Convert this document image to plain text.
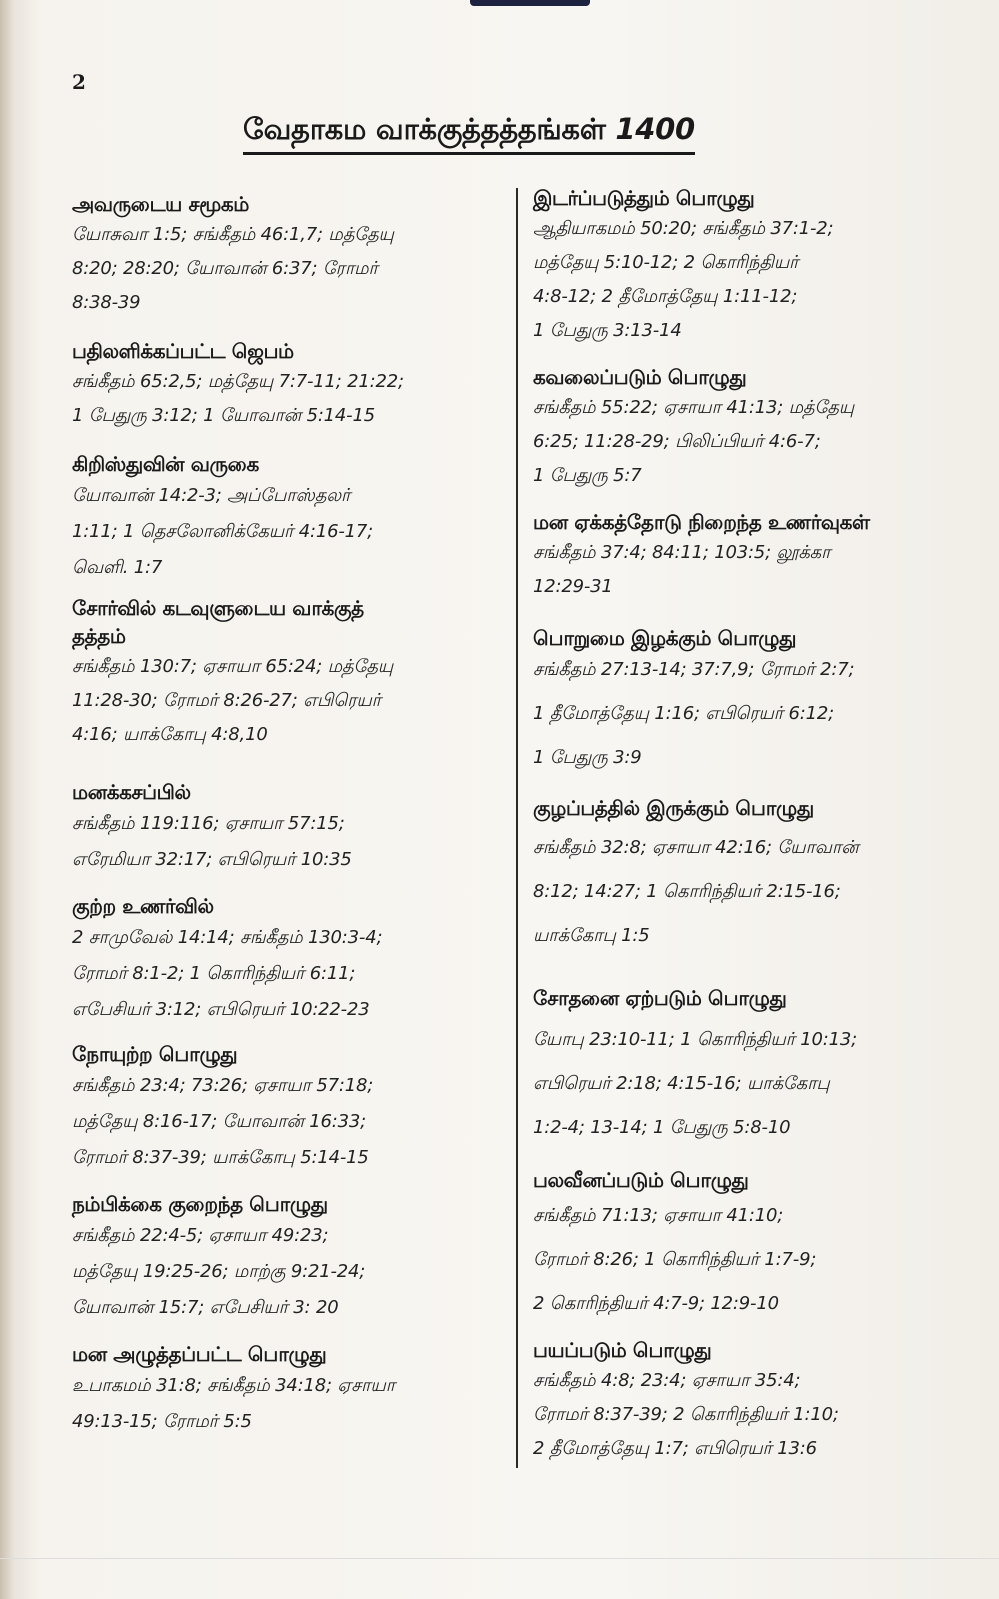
2
வேதாகம வாக்குத்தத்தங்கள் 1400
அவருடைய சமூகம்
யோசுவா 1:5; சங்கீதம் 46:1,7; மத்தேயு
8:20; 28:20; யோவான் 6:37; ரோமர்
8:38-39
பதிலளிக்கப்பட்ட ஜெபம்
சங்கீதம் 65:2,5; மத்தேயு 7:7-11; 21:22;
1 பேதுரு 3:12; 1 யோவான் 5:14-15
கிறிஸ்துவின் வருகை
யோவான் 14:2-3; அப்போஸ்தலர்
1:11; 1 தெசலோனிக்கேயர் 4:16-17;
வெளி. 1:7
சோர்வில் கடவுளுடைய வாக்குத்
தத்தம்
சங்கீதம் 130:7; ஏசாயா 65:24; மத்தேயு
11:28-30; ரோமர் 8:26-27; எபிரெயர்
4:16; யாக்கோபு 4:8,10
மனக்கசப்பில்
சங்கீதம் 119:116; ஏசாயா 57:15;
எரேமியா 32:17; எபிரெயர் 10:35
குற்ற உணர்வில்
2 சாமுவேல் 14:14; சங்கீதம் 130:3-4;
ரோமர் 8:1-2; 1 கொரிந்தியர் 6:11;
எபேசியர் 3:12; எபிரெயர் 10:22-23
நோயுற்ற பொழுது
சங்கீதம் 23:4; 73:26; ஏசாயா 57:18;
மத்தேயு 8:16-17; யோவான் 16:33;
ரோமர் 8:37-39; யாக்கோபு 5:14-15
நம்பிக்கை குறைந்த பொழுது
சங்கீதம் 22:4-5; ஏசாயா 49:23;
மத்தேயு 19:25-26; மாற்கு 9:21-24;
யோவான் 15:7; எபேசியர் 3: 20
மன அழுத்தப்பட்ட பொழுது
உபாகமம் 31:8; சங்கீதம் 34:18; ஏசாயா
49:13-15; ரோமர் 5:5
இடர்ப்படுத்தும் பொழுது
ஆதியாகமம் 50:20; சங்கீதம் 37:1-2;
மத்தேயு 5:10-12; 2 கொரிந்தியர்
4:8-12; 2 தீமோத்தேயு 1:11-12;
1 பேதுரு 3:13-14
கவலைப்படும் பொழுது
சங்கீதம் 55:22; ஏசாயா 41:13; மத்தேயு
6:25; 11:28-29; பிலிப்பியர் 4:6-7;
1 பேதுரு 5:7
மன ஏக்கத்தோடு நிறைந்த உணர்வுகள்
சங்கீதம் 37:4; 84:11; 103:5; லூக்கா
12:29-31
பொறுமை இழக்கும் பொழுது
சங்கீதம் 27:13-14; 37:7,9; ரோமர் 2:7;
1 தீமோத்தேயு 1:16; எபிரெயர் 6:12;
1 பேதுரு 3:9
குழப்பத்தில் இருக்கும் பொழுது
சங்கீதம் 32:8; ஏசாயா 42:16; யோவான்
8:12; 14:27; 1 கொரிந்தியர் 2:15-16;
யாக்கோபு 1:5
சோதனை ஏற்படும் பொழுது
யோபு 23:10-11; 1 கொரிந்தியர் 10:13;
எபிரெயர் 2:18; 4:15-16; யாக்கோபு
1:2-4; 13-14; 1 பேதுரு 5:8-10
பலவீனப்படும் பொழுது
சங்கீதம் 71:13; ஏசாயா 41:10;
ரோமர் 8:26; 1 கொரிந்தியர் 1:7-9;
2 கொரிந்தியர் 4:7-9; 12:9-10
பயப்படும் பொழுது
சங்கீதம் 4:8; 23:4; ஏசாயா 35:4;
ரோமர் 8:37-39; 2 கொரிந்தியர் 1:10;
2 தீமோத்தேயு 1:7; எபிரெயர் 13:6
